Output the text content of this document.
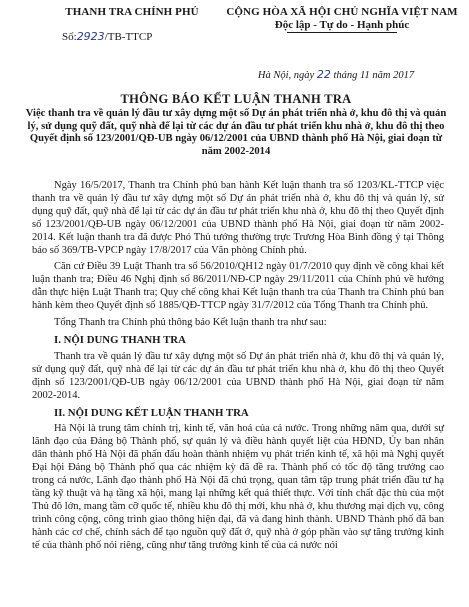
THANH TRA CHÍNH PHỦ
Số:2923/TB-TTCP
CỘNG HÒA XÃ HỘI CHỦ NGHĨA VIỆT NAM
Độc lập - Tự do - Hạnh phúc
Hà Nội, ngày 22 tháng 11 năm 2017
THÔNG BÁO KẾT LUẬN THANH TRA
Việc thanh tra về quản lý đầu tư xây dựng một số Dự án phát triển nhà ở, khu đô thị và quản lý, sử dụng quỹ đất, quỹ nhà để lại từ các dự án đầu tư phát triển khu nhà ở, khu đô thị theo Quyết định số 123/2001/QĐ-UB ngày 06/12/2001 của UBND thành phố Hà Nội, giai đoạn từ năm 2002-2014

Ngày 16/5/2017, Thanh tra Chính phủ ban hành Kết luận thanh tra số 1203/KL-TTCP việc thanh tra về quản lý đầu tư xây dựng một số Dự án phát triển nhà ở, khu đô thị và quản lý, sử dụng quỹ đất, quỹ nhà để lại từ các dự án đầu tư phát triển khu nhà ở, khu đô thị theo Quyết định số 123/2001/QĐ-UB ngày 06/12/2001 của UBND thành phố Hà Nội, giai đoạn từ năm 2002-2014. Kết luận thanh tra đã được Phó Thủ tướng thường trực Trương Hòa Bình đồng ý tại Thông báo số 369/TB-VPCP ngày 17/8/2017 của Văn phòng Chính phủ.

Căn cứ Điều 39 Luật Thanh tra số 56/2010/QH12 ngày 01/7/2010 quy định về công khai kết luận thanh tra; Điều 46 Nghị định số 86/2011/NĐ-CP ngày 29/11/2011 của Chính phủ về hướng dẫn thực hiện Luật Thanh tra; Quy chế công khai Kết luận thanh tra của Thanh tra Chính phủ ban hành kèm theo Quyết định số 1885/QĐ-TTCP ngày 31/7/2012 của Tổng Thanh tra Chính phủ.

Tổng Thanh tra Chính phủ thông báo Kết luận thanh tra như sau:

I. NỘI DUNG THANH TRA

Thanh tra về quản lý đầu tư xây dựng một số Dự án phát triển nhà ở, khu đô thị và quản lý, sử dụng quỹ đất, quỹ nhà để lại từ các dự án đầu tư phát triển khu nhà ở, khu đô thị theo Quyết định số 123/2001/QĐ-UB ngày 06/12/2001 của UBND thành phố Hà Nội, giai đoạn từ năm 2002-2014.

II. NỘI DUNG KẾT LUẬN THANH TRA

Hà Nội là trung tâm chính trị, kinh tế, văn hoá của cả nước. Trong những năm qua, dưới sự lãnh đạo của Đảng bộ Thành phố, sự quản lý và điều hành quyết liệt của HĐND, Ủy ban nhân dân thành phố Hà Nội đã phấn đấu hoàn thành nhiệm vụ phát triển kinh tế, xã hội mà Nghị quyết Đại hội Đảng bộ Thành phố qua các nhiệm kỳ đã đề ra. Thành phố có tốc độ tăng trưởng cao trong cả nước, Lãnh đạo thành phố Hà Nội đã chú trọng, quan tâm tập trung phát triển đầu tư hạ tầng kỹ thuật và hạ tầng xã hội, mang lại những kết quả thiết thực. Với tính chất đặc thù của một Thủ đô lớn, mang tầm cỡ quốc tế, nhiều khu đô thị mới, khu nhà ở, khu thương mại dịch vụ, công trình công cộng, công trình giao thông hiện đại, đã và đang hình thành. UBND Thành phố đã ban hành các cơ chế, chính sách để tạo nguồn quỹ đất ở, quỹ nhà ở góp phần vào sự tăng trưởng kinh tế của thành phố nói riêng, cũng như tăng trưởng kinh tế của cả nước nói
